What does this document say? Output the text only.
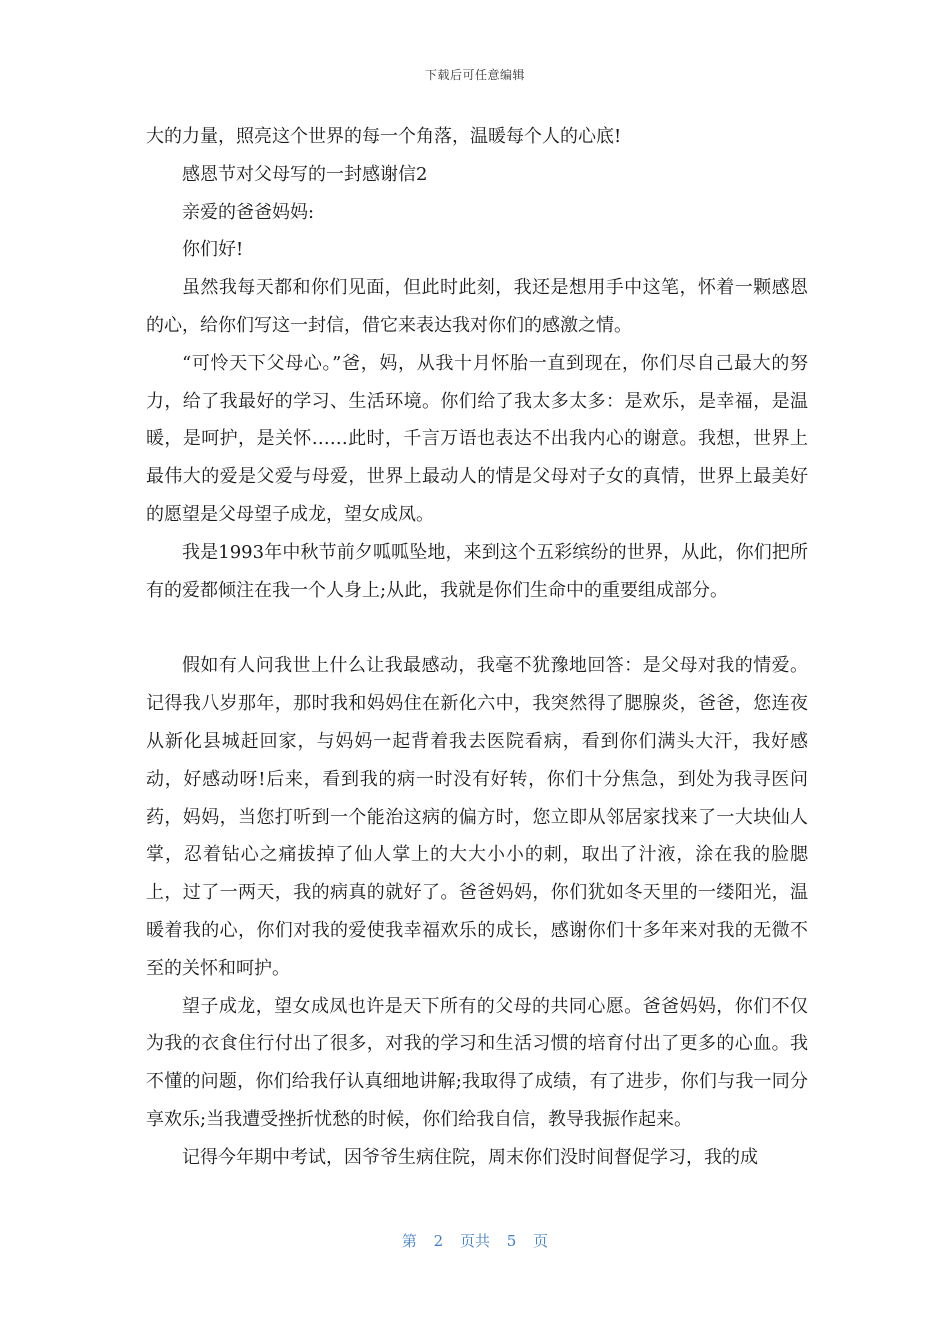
下载后可任意编辑

大的力量，照亮这个世界的每一个角落，温暖每个人的心底!

感恩节对父母写的一封感谢信2

亲爱的爸爸妈妈:

你们好!

虽然我每天都和你们见面，但此时此刻，我还是想用手中这笔，怀着一颗感恩的心，给你们写这一封信，借它来表达我对你们的感激之情。

“可怜天下父母心。”爸，妈，从我十月怀胎一直到现在，你们尽自己最大的努力，给了我最好的学习、生活环境。你们给了我太多太多：是欢乐，是幸福，是温暖，是呵护，是关怀……此时，千言万语也表达不出我内心的谢意。我想，世界上最伟大的爱是父爱与母爱，世界上最动人的情是父母对子女的真情，世界上最美好的愿望是父母望子成龙，望女成凤。

我是1993年中秋节前夕呱呱坠地，来到这个五彩缤纷的世界，从此，你们把所有的爱都倾注在我一个人身上;从此，我就是你们生命中的重要组成部分。

假如有人问我世上什么让我最感动，我毫不犹豫地回答：是父母对我的情爱。 记得我八岁那年，那时我和妈妈住在新化六中，我突然得了腮腺炎，爸爸，您连夜从新化县城赶回家，与妈妈一起背着我去医院看病，看到你们满头大汗，我好感动，好感动呀!后来，看到我的病一时没有好转，你们十分焦急，到处为我寻医问药，妈妈，当您打听到一个能治这病的偏方时，您立即从邻居家找来了一大块仙人掌，忍着钻心之痛拔掉了仙人掌上的大大小小的刺，取出了汁液，涂在我的脸腮上，过了一两天，我的病真的就好了。爸爸妈妈，你们犹如冬天里的一缕阳光，温暖着我的心，你们对我的爱使我幸福欢乐的成长，感谢你们十多年来对我的无微不至的关怀和呵护。

望子成龙，望女成凤也许是天下所有的父母的共同心愿。爸爸妈妈，你们不仅为我的衣食住行付出了很多，对我的学习和生活习惯的培育付出了更多的心血。我不懂的问题，你们给我仔认真细地讲解;我取得了成绩，有了进步，你们与我一同分享欢乐;当我遭受挫折忧愁的时候，你们给我自信，教导我振作起来。

记得今年期中考试，因爷爷生病住院，周末你们没时间督促学习，我的成

第 2 页共 5 页
